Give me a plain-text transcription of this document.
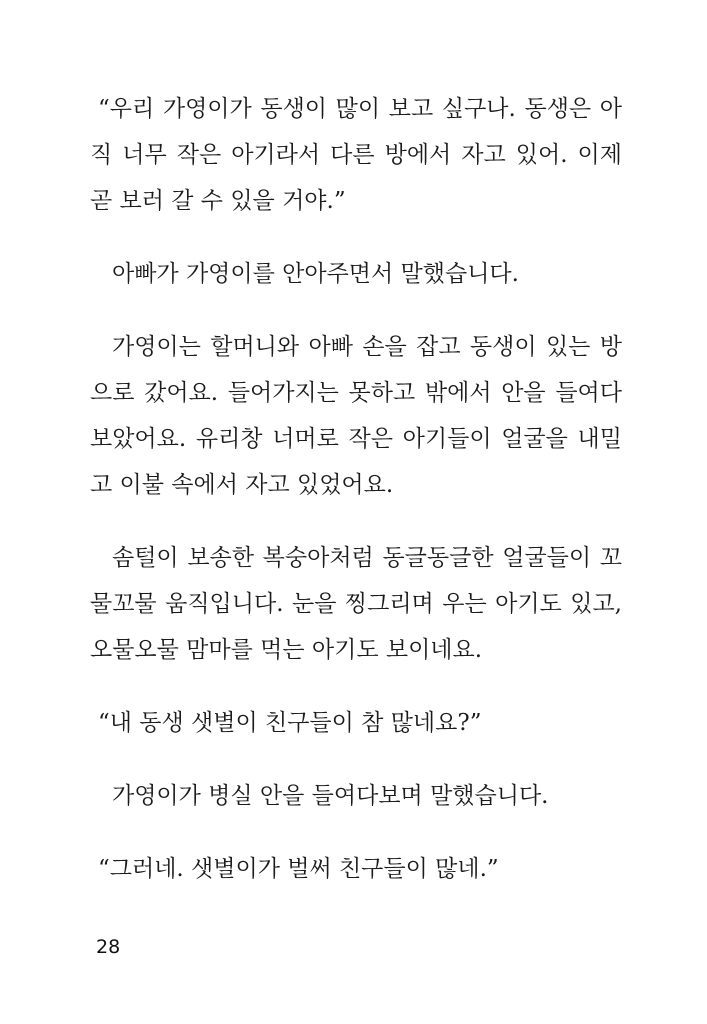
“우리 가영이가 동생이 많이 보고 싶구나. 동생은 아직 너무 작은 아기라서 다른 방에서 자고 있어. 이제 곧 보러 갈 수 있을 거야.”

아빠가 가영이를 안아주면서 말했습니다.

가영이는 할머니와 아빠 손을 잡고 동생이 있는 방으로 갔어요. 들어가지는 못하고 밖에서 안을 들여다보았어요. 유리창 너머로 작은 아기들이 얼굴을 내밀고 이불 속에서 자고 있었어요.

솜털이 보송한 복숭아처럼 동글동글한 얼굴들이 꼬물꼬물 움직입니다. 눈을 찡그리며 우는 아기도 있고, 오물오물 맘마를 먹는 아기도 보이네요.

“내 동생 샛별이 친구들이 참 많네요?”

가영이가 병실 안을 들여다보며 말했습니다.

“그러네. 샛별이가 벌써 친구들이 많네.”

28
